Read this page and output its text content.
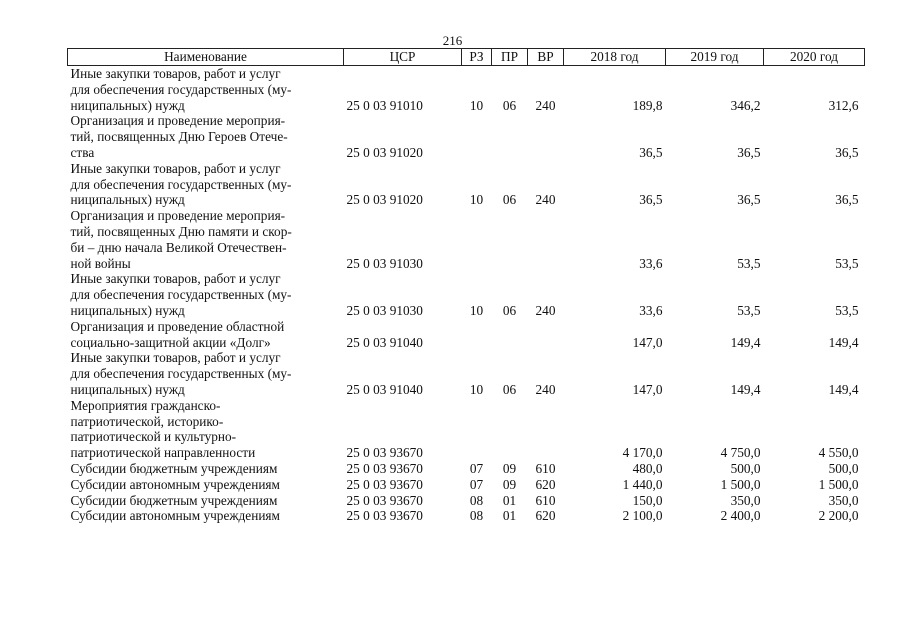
216
Наименование	ЦСР	РЗ	ПР	ВР	2018 год	2019 год	2020 год

Иные закупки товаров, работ и услуг
для обеспечения государственных (му-
ниципальных) нужд	25 0 03 91010	10	06	240	189,8	346,2	312,6

Организация и проведение мероприя-
тий, посвященных Дню Героев Отече-
ства	25 0 03 91020				36,5	36,5	36,5

Иные закупки товаров, работ и услуг
для обеспечения государственных (му-
ниципальных) нужд	25 0 03 91020	10	06	240	36,5	36,5	36,5

Организация и проведение мероприя-
тий, посвященных Дню памяти и скор-
би – дню начала Великой Отечествен-
ной войны	25 0 03 91030				33,6	53,5	53,5

Иные закупки товаров, работ и услуг
для обеспечения государственных (му-
ниципальных) нужд	25 0 03 91030	10	06	240	33,6	53,5	53,5

Организация и проведение областной
социально-защитной акции «Долг»	25 0 03 91040				147,0	149,4	149,4

Иные закупки товаров, работ и услуг
для обеспечения государственных (му-
ниципальных) нужд	25 0 03 91040	10	06	240	147,0	149,4	149,4

Мероприятия гражданско-
патриотической, историко-
патриотической и культурно-
патриотической направленности	25 0 03 93670				4 170,0	4 750,0	4 550,0

Субсидии бюджетным учреждениям	25 0 03 93670	07	09	610	480,0	500,0	500,0

Субсидии автономным учреждениям	25 0 03 93670	07	09	620	1 440,0	1 500,0	1 500,0

Субсидии бюджетным учреждениям	25 0 03 93670	08	01	610	150,0	350,0	350,0

Субсидии автономным учреждениям	25 0 03 93670	08	01	620	2 100,0	2 400,0	2 200,0
